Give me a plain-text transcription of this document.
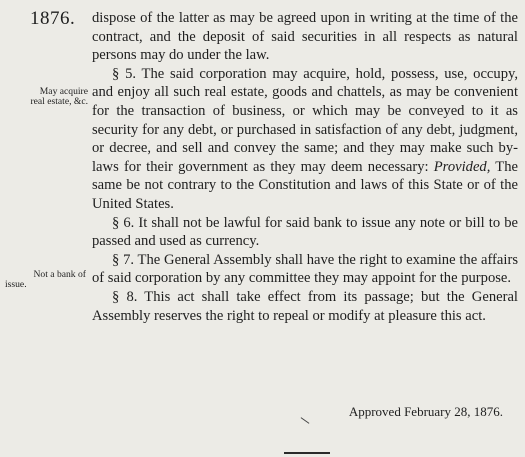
1876.
May acquire
real estate, &c.
Not a bank of
issue.

dispose of the latter as may be agreed upon in writing at the time of the contract, and the deposit of said securities in all respects as natural persons may do under the law.

§ 5. The said corporation may acquire, hold, possess, use, occupy, and enjoy all such real estate, goods and chattels, as may be convenient for the transaction of business, or which may be conveyed to it as security for any debt, or purchased in satisfaction of any debt, judgment, or decree, and sell and convey the same; and they may make such by-laws for their government as they may deem necessary: Provided, The same be not contrary to the Constitution and laws of this State or of the United States.

§ 6. It shall not be lawful for said bank to issue any note or bill to be passed and used as currency.

§ 7. The General Assembly shall have the right to examine the affairs of said corporation by any committee they may appoint for the purpose.

§ 8. This act shall take effect from its passage; but the General Assembly reserves the right to repeal or modify at pleasure this act.

Approved February 28, 1876.
